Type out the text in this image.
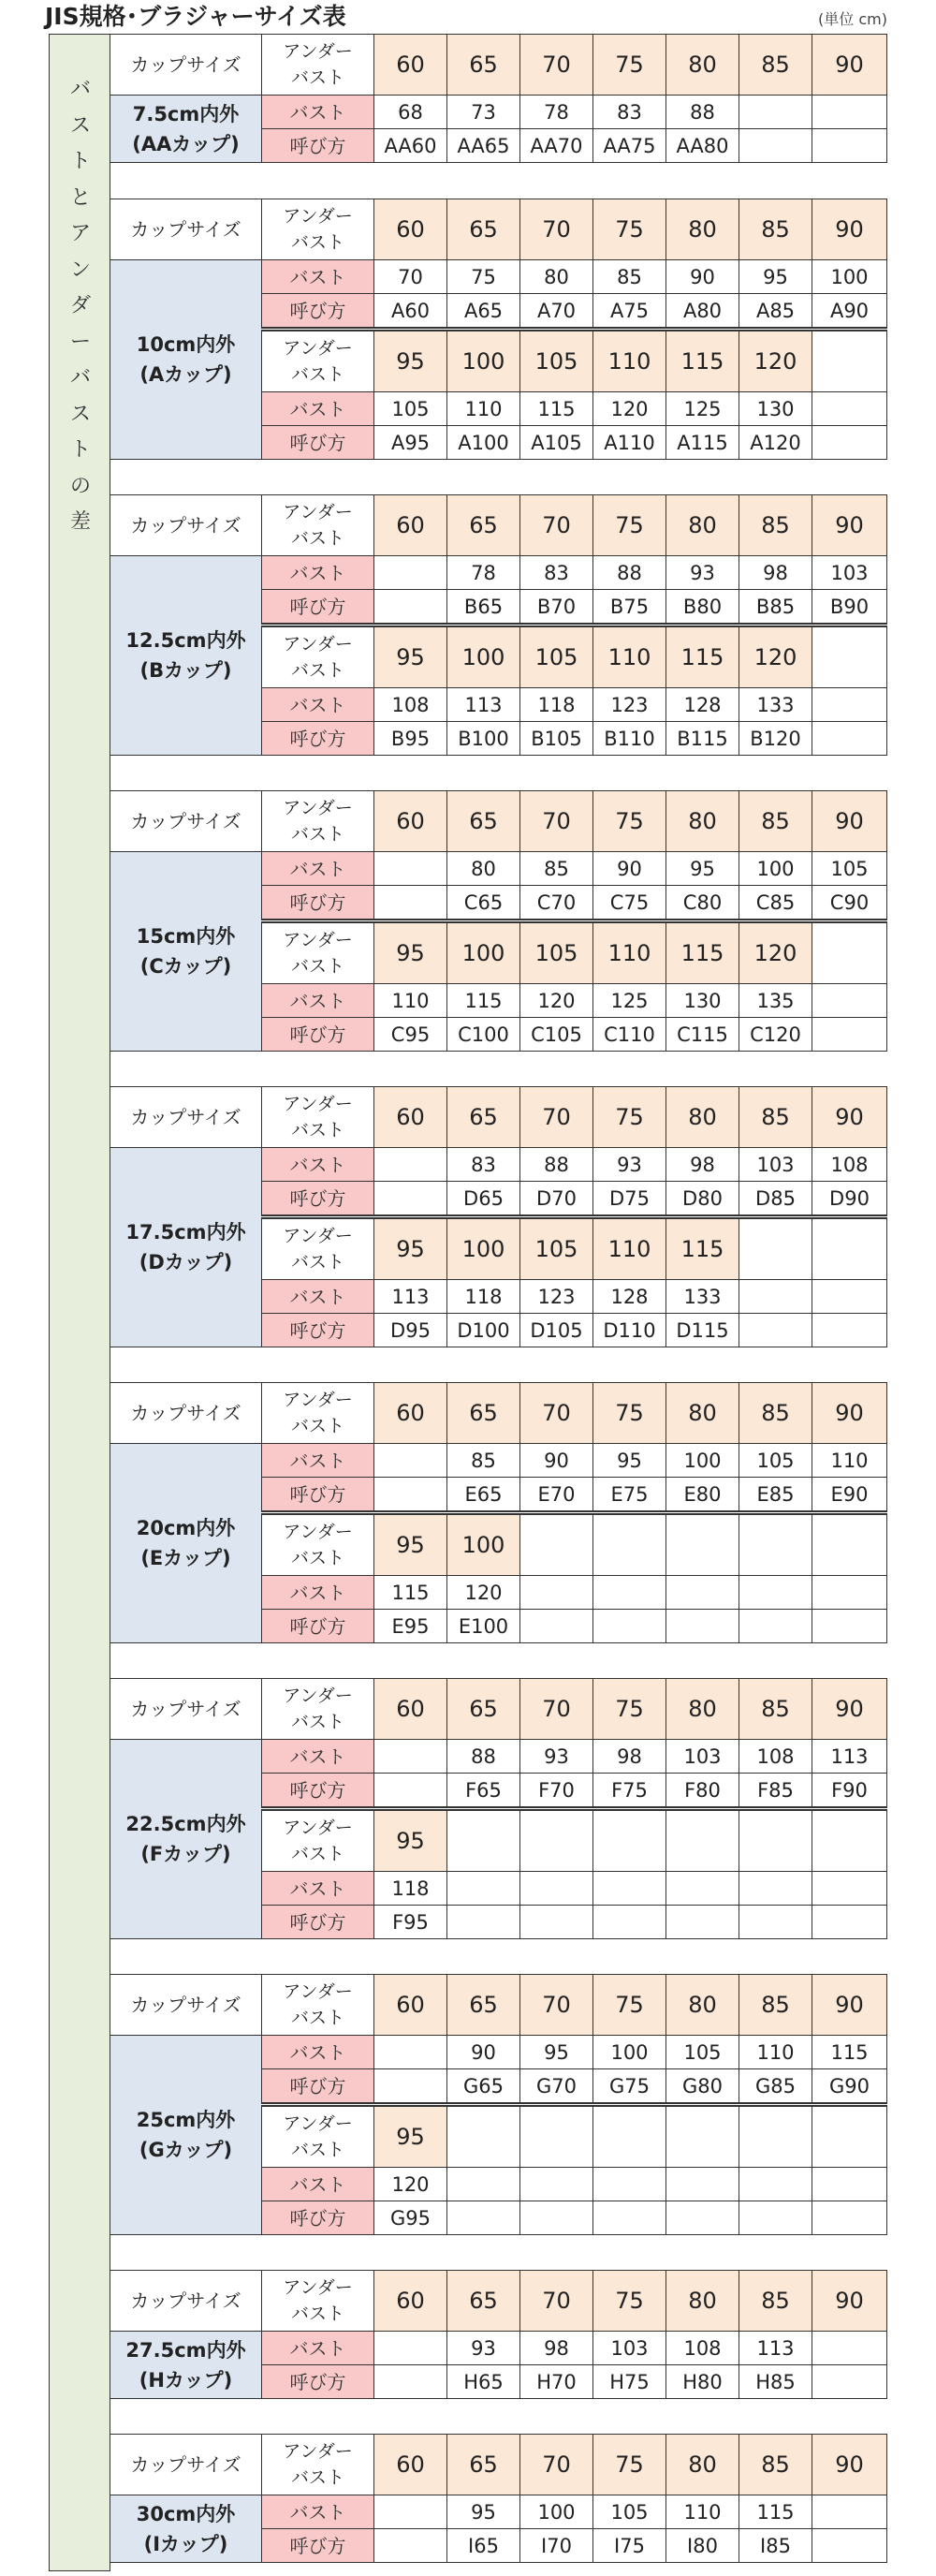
JIS規格･ブラジャーサイズ表	(単位 cm)
バ
ス
ト
と
ア
ン
ダ
ー
バ
ス
ト
の
差
カップサイズ	アンダー
バスト	60	65	70	75	80	85	90

7.5cm内外
(AAカップ)	バスト	68	73	78	83	88		
	呼び方	AA60	AA65	AA70	AA75	AA80		
カップサイズ	アンダー
バスト	60	65	70	75	80	85	90

10cm内外
(Aカップ)	バスト	70	75	80	85	90	95	100
	呼び方	A60	A65	A70	A75	A80	A85	A90

	アンダー
バスト	95	100	105	110	115	120	
	バスト	105	110	115	120	125	130	
	呼び方	A95	A100	A105	A110	A115	A120	
カップサイズ	アンダー
バスト	60	65	70	75	80	85	90

12.5cm内外
(Bカップ)	バスト		78	83	88	93	98	103
	呼び方		B65	B70	B75	B80	B85	B90

	アンダー
バスト	95	100	105	110	115	120	
	バスト	108	113	118	123	128	133	
	呼び方	B95	B100	B105	B110	B115	B120	
カップサイズ	アンダー
バスト	60	65	70	75	80	85	90

15cm内外
(Cカップ)	バスト		80	85	90	95	100	105
	呼び方		C65	C70	C75	C80	C85	C90

	アンダー
バスト	95	100	105	110	115	120	
	バスト	110	115	120	125	130	135	
	呼び方	C95	C100	C105	C110	C115	C120	
カップサイズ	アンダー
バスト	60	65	70	75	80	85	90

17.5cm内外
(Dカップ)	バスト		83	88	93	98	103	108
	呼び方		D65	D70	D75	D80	D85	D90

	アンダー
バスト	95	100	105	110	115		
	バスト	113	118	123	128	133		
	呼び方	D95	D100	D105	D110	D115		
カップサイズ	アンダー
バスト	60	65	70	75	80	85	90

20cm内外
(Eカップ)	バスト		85	90	95	100	105	110
	呼び方		E65	E70	E75	E80	E85	E90

	アンダー
バスト	95	100					
	バスト	115	120					
	呼び方	E95	E100					
カップサイズ	アンダー
バスト	60	65	70	75	80	85	90

22.5cm内外
(Fカップ)	バスト		88	93	98	103	108	113
	呼び方		F65	F70	F75	F80	F85	F90

	アンダー
バスト	95						
	バスト	118						
	呼び方	F95						
カップサイズ	アンダー
バスト	60	65	70	75	80	85	90

25cm内外
(Gカップ)	バスト		90	95	100	105	110	115
	呼び方		G65	G70	G75	G80	G85	G90

	アンダー
バスト	95						
	バスト	120						
	呼び方	G95						
カップサイズ	アンダー
バスト	60	65	70	75	80	85	90

27.5cm内外
(Hカップ)	バスト		93	98	103	108	113	
	呼び方		H65	H70	H75	H80	H85	
カップサイズ	アンダー
バスト	60	65	70	75	80	85	90

30cm内外
(Iカップ)	バスト		95	100	105	110	115	
	呼び方		I65	I70	I75	I80	I85	
